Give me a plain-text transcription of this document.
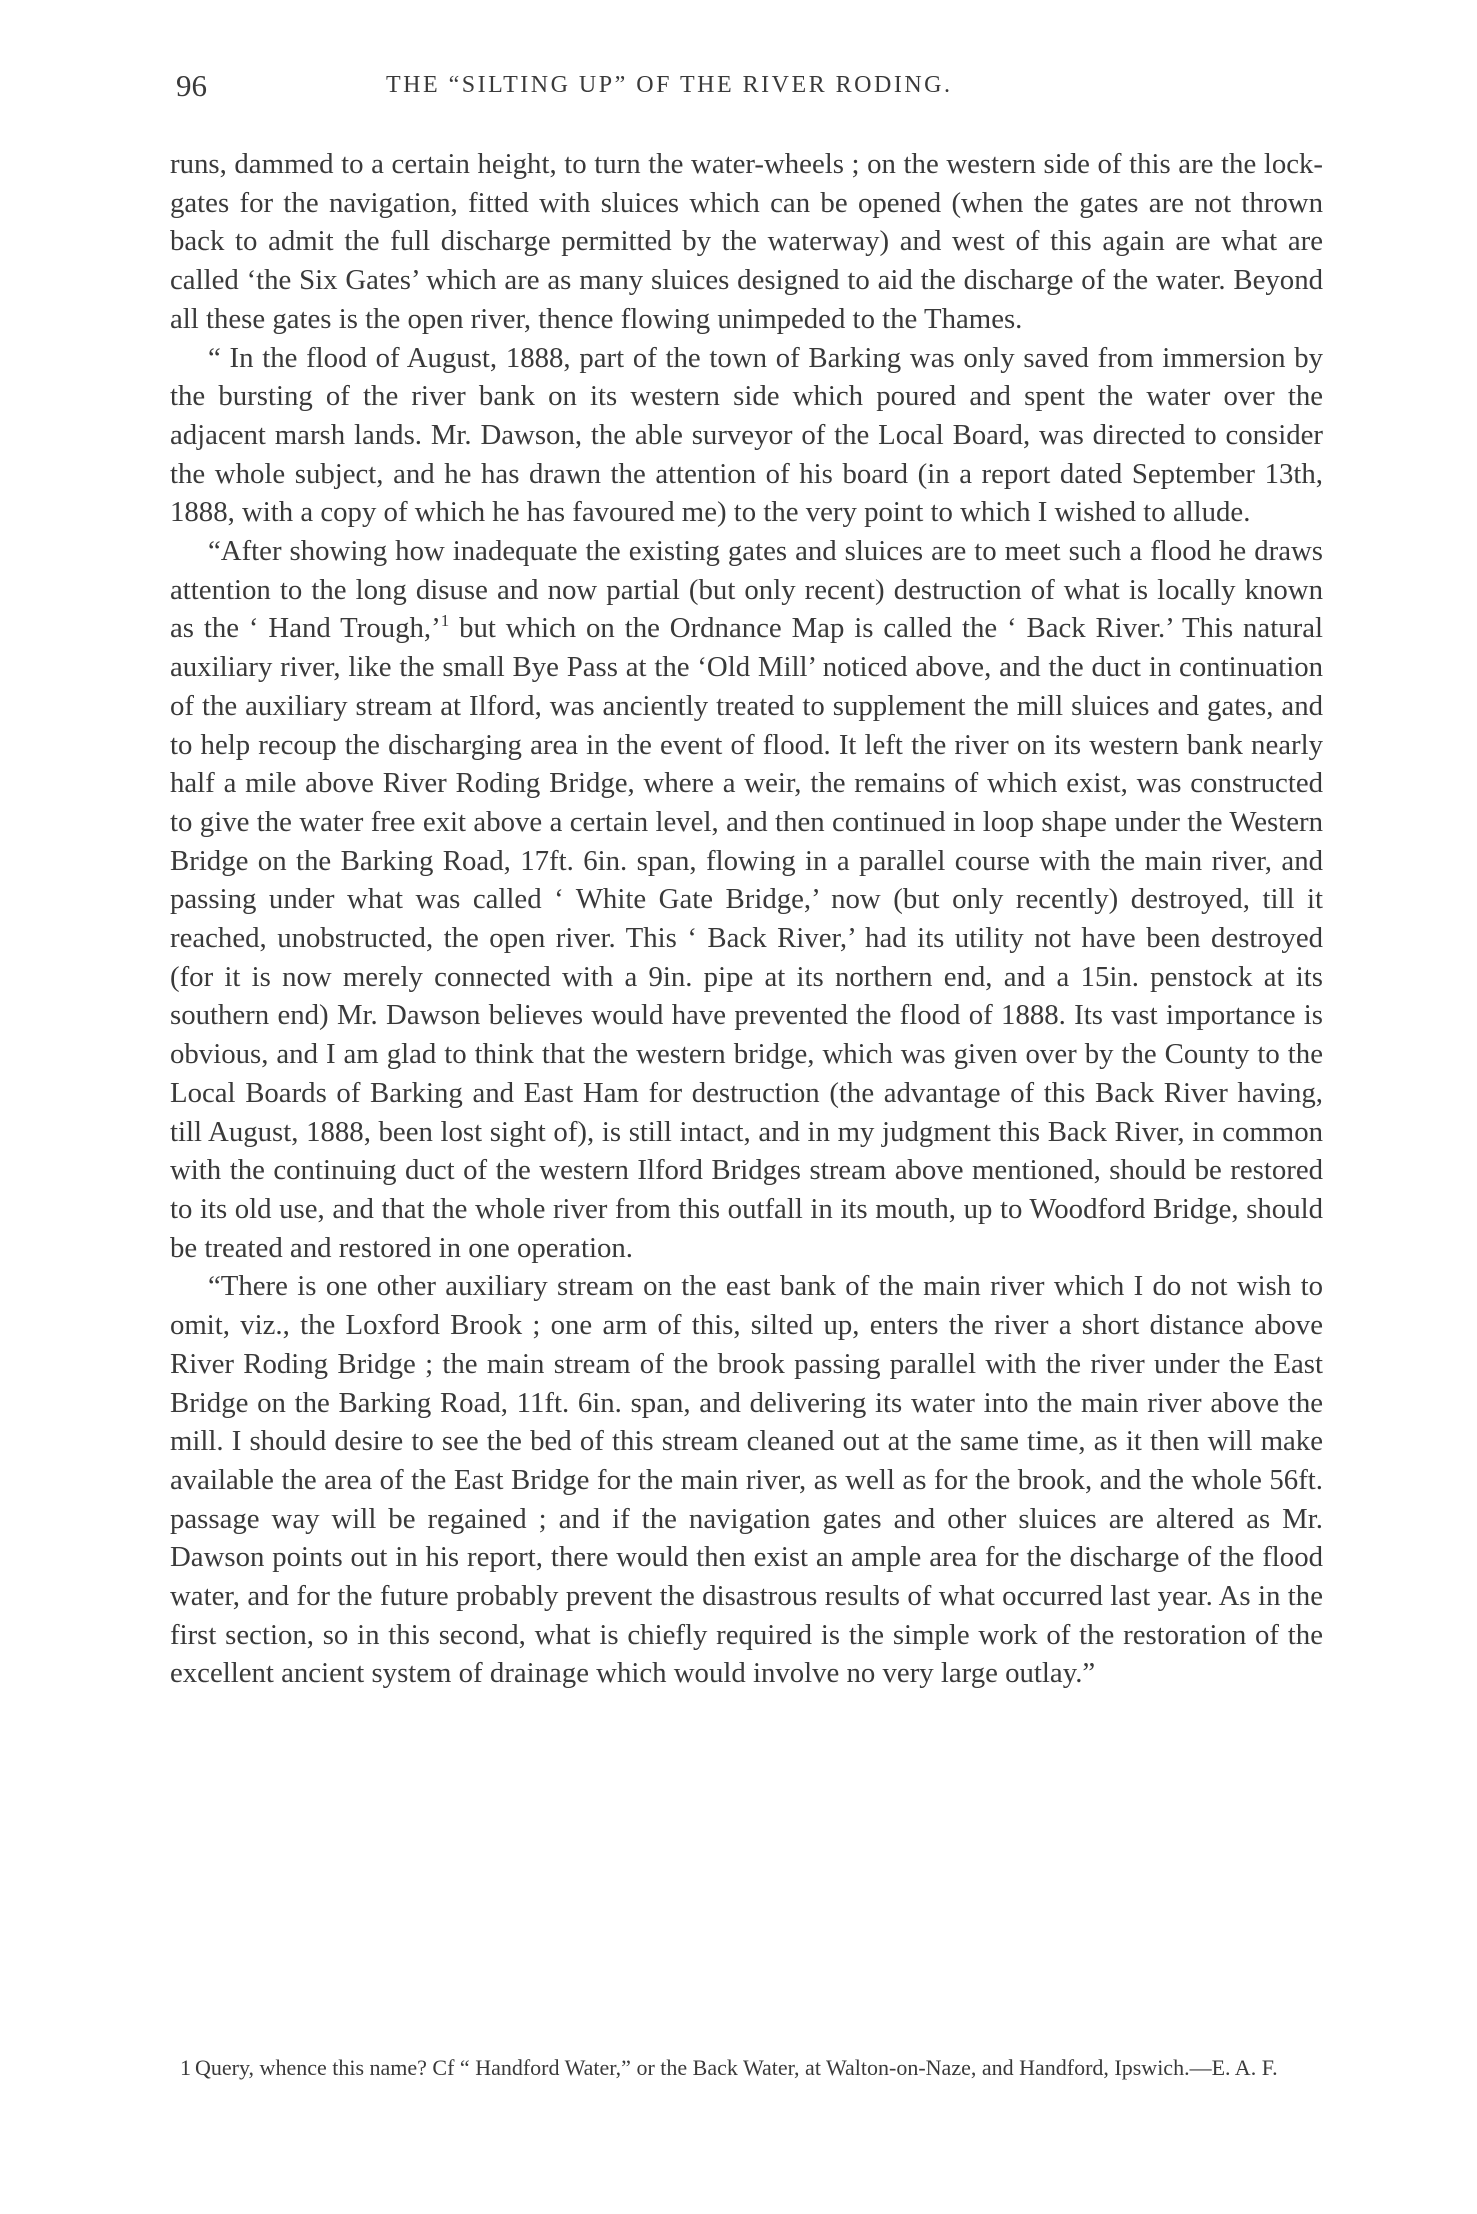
96	THE “SILTING UP” OF THE RIVER RODING.

runs, dammed to a certain height, to turn the water-wheels ; on the western side of this are the lock-gates for the navigation, fitted with sluices which can be opened (when the gates are not thrown back to admit the full discharge permitted by the waterway) and west of this again are what are called ‘the Six Gates’ which are as many sluices designed to aid the discharge of the water. Beyond all these gates is the open river, thence flowing unimpeded to the Thames.

“ In the flood of August, 1888, part of the town of Barking was only saved from immersion by the bursting of the river bank on its western side which poured and spent the water over the adjacent marsh lands. Mr. Dawson, the able surveyor of the Local Board, was directed to consider the whole subject, and he has drawn the attention of his board (in a report dated September 13th, 1888, with a copy of which he has favoured me) to the very point to which I wished to allude.

“After showing how inadequate the existing gates and sluices are to meet such a flood he draws attention to the long disuse and now partial (but only recent) destruction of what is locally known as the ‘ Hand Trough,’$^1$ but which on the Ordnance Map is called the ‘ Back River.’ This natural auxiliary river, like the small Bye Pass at the ‘Old Mill’ noticed above, and the duct in continuation of the auxiliary stream at Ilford, was anciently treated to supplement the mill sluices and gates, and to help recoup the discharging area in the event of flood. It left the river on its western bank nearly half a mile above River Roding Bridge, where a weir, the remains of which exist, was constructed to give the water free exit above a certain level, and then continued in loop shape under the Western Bridge on the Barking Road, 17ft. 6in. span, flowing in a parallel course with the main river, and passing under what was called ‘ White Gate Bridge,’ now (but only recently) destroyed, till it reached, unobstructed, the open river. This ‘ Back River,’ had its utility not have been destroyed (for it is now merely connected with a 9in. pipe at its northern end, and a 15in. penstock at its southern end) Mr. Dawson believes would have prevented the flood of 1888. Its vast importance is obvious, and I am glad to think that the western bridge, which was given over by the County to the Local Boards of Barking and East Ham for destruction (the advantage of this Back River having, till August, 1888, been lost sight of), is still intact, and in my judgment this Back River, in common with the continuing duct of the western Ilford Bridges stream above mentioned, should be restored to its old use, and that the whole river from this outfall in its mouth, up to Woodford Bridge, should be treated and restored in one operation.

“There is one other auxiliary stream on the east bank of the main river which I do not wish to omit, viz., the Loxford Brook ; one arm of this, silted up, enters the river a short distance above River Roding Bridge ; the main stream of the brook passing parallel with the river under the East Bridge on the Barking Road, 11ft. 6in. span, and delivering its water into the main river above the mill. I should desire to see the bed of this stream cleaned out at the same time, as it then will make available the area of the East Bridge for the main river, as well as for the brook, and the whole 56ft. passage way will be regained ; and if the navigation gates and other sluices are altered as Mr. Dawson points out in his report, there would then exist an ample area for the discharge of the flood water, and for the future probably prevent the disastrous results of what occurred last year. As in the first section, so in this second, what is chiefly required is the simple work of the restoration of the excellent ancient system of drainage which would involve no very large outlay.”

1 Query, whence this name? Cf “ Handford Water,” or the Back Water, at Walton-on-Naze, and Handford, Ipswich.—E. A. F.
